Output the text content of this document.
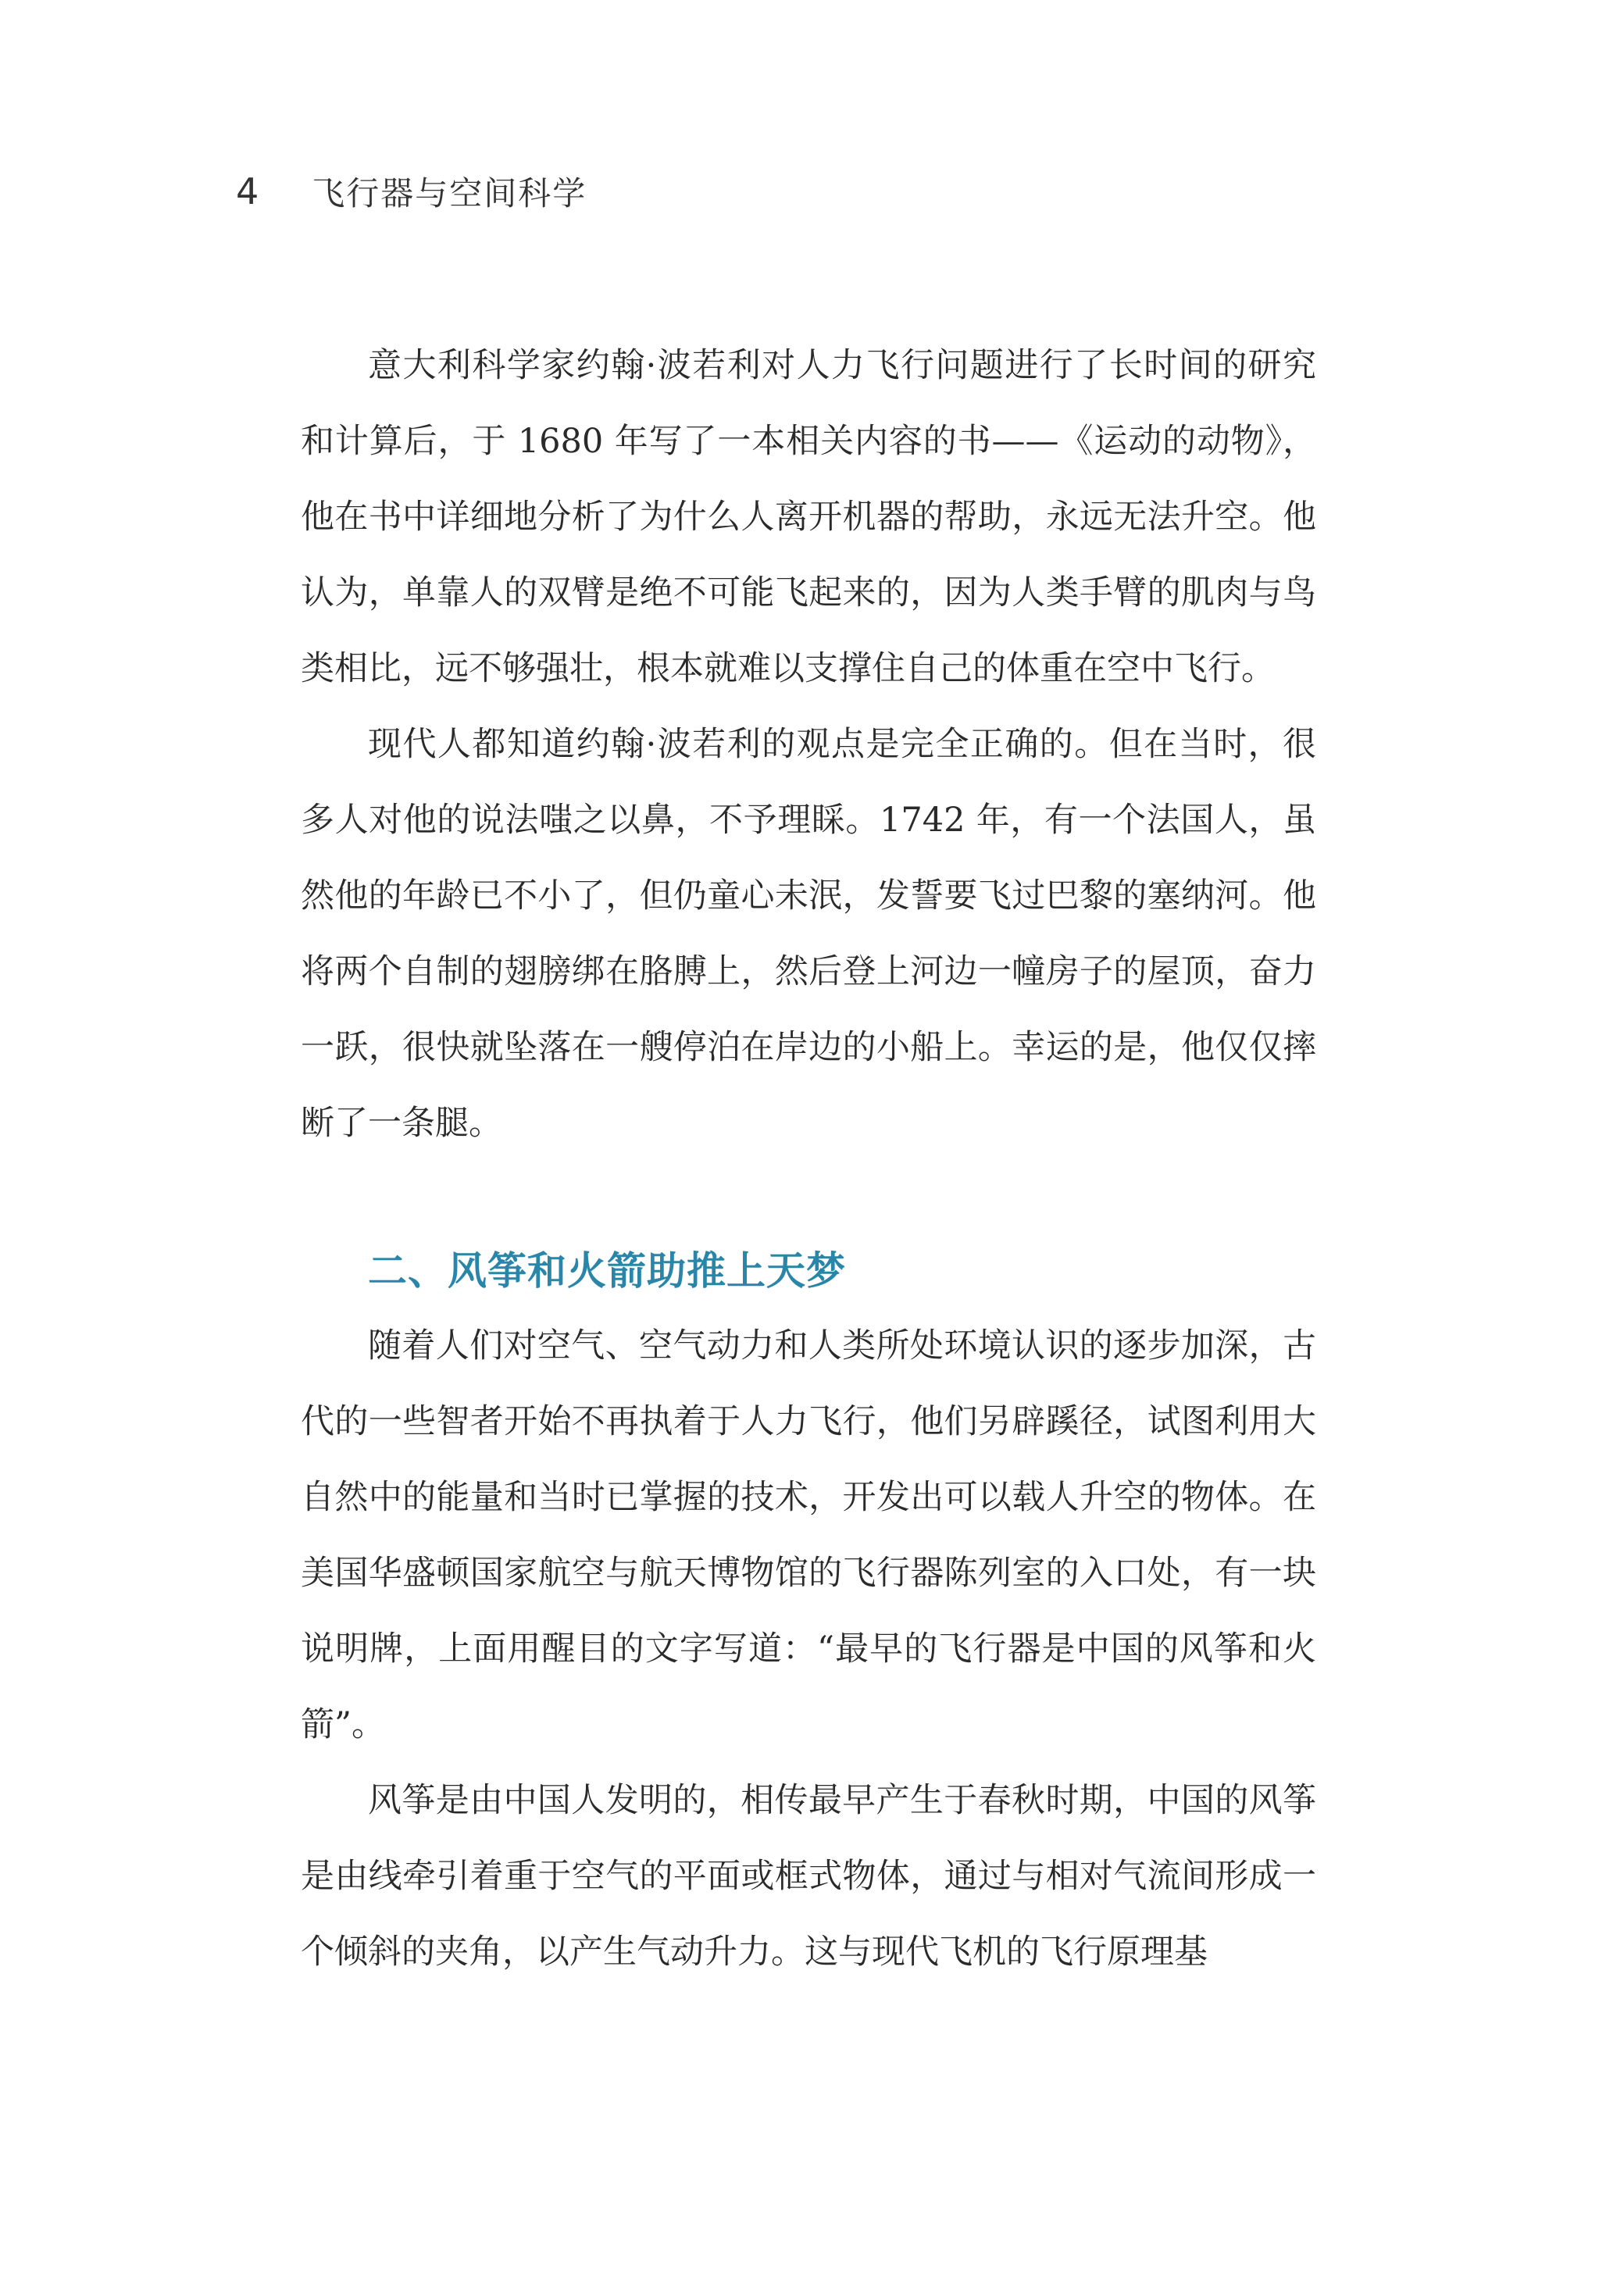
4 飞行器与空间科学

意大利科学家约翰·波若利对人力飞行问题进行了长时间的研究和计算后，于 1680 年写了一本相关内容的书——《运动的动物》，他在书中详细地分析了为什么人离开机器的帮助，永远无法升空。他认为，单靠人的双臂是绝不可能飞起来的，因为人类手臂的肌肉与鸟类相比，远不够强壮，根本就难以支撑住自己的体重在空中飞行。

现代人都知道约翰·波若利的观点是完全正确的。但在当时，很多人对他的说法嗤之以鼻，不予理睬。1742 年，有一个法国人，虽然他的年龄已不小了，但仍童心未泯，发誓要飞过巴黎的塞纳河。他将两个自制的翅膀绑在胳膊上，然后登上河边一幢房子的屋顶，奋力一跃，很快就坠落在一艘停泊在岸边的小船上。幸运的是，他仅仅摔断了一条腿。

二、风筝和火箭助推上天梦

随着人们对空气、空气动力和人类所处环境认识的逐步加深，古代的一些智者开始不再执着于人力飞行，他们另辟蹊径，试图利用大自然中的能量和当时已掌握的技术，开发出可以载人升空的物体。在美国华盛顿国家航空与航天博物馆的飞行器陈列室的入口处，有一块说明牌，上面用醒目的文字写道：“最早的飞行器是中国的风筝和火箭”。

风筝是由中国人发明的，相传最早产生于春秋时期，中国的风筝是由线牵引着重于空气的平面或框式物体，通过与相对气流间形成一个倾斜的夹角，以产生气动升力。这与现代飞机的飞行原理基
